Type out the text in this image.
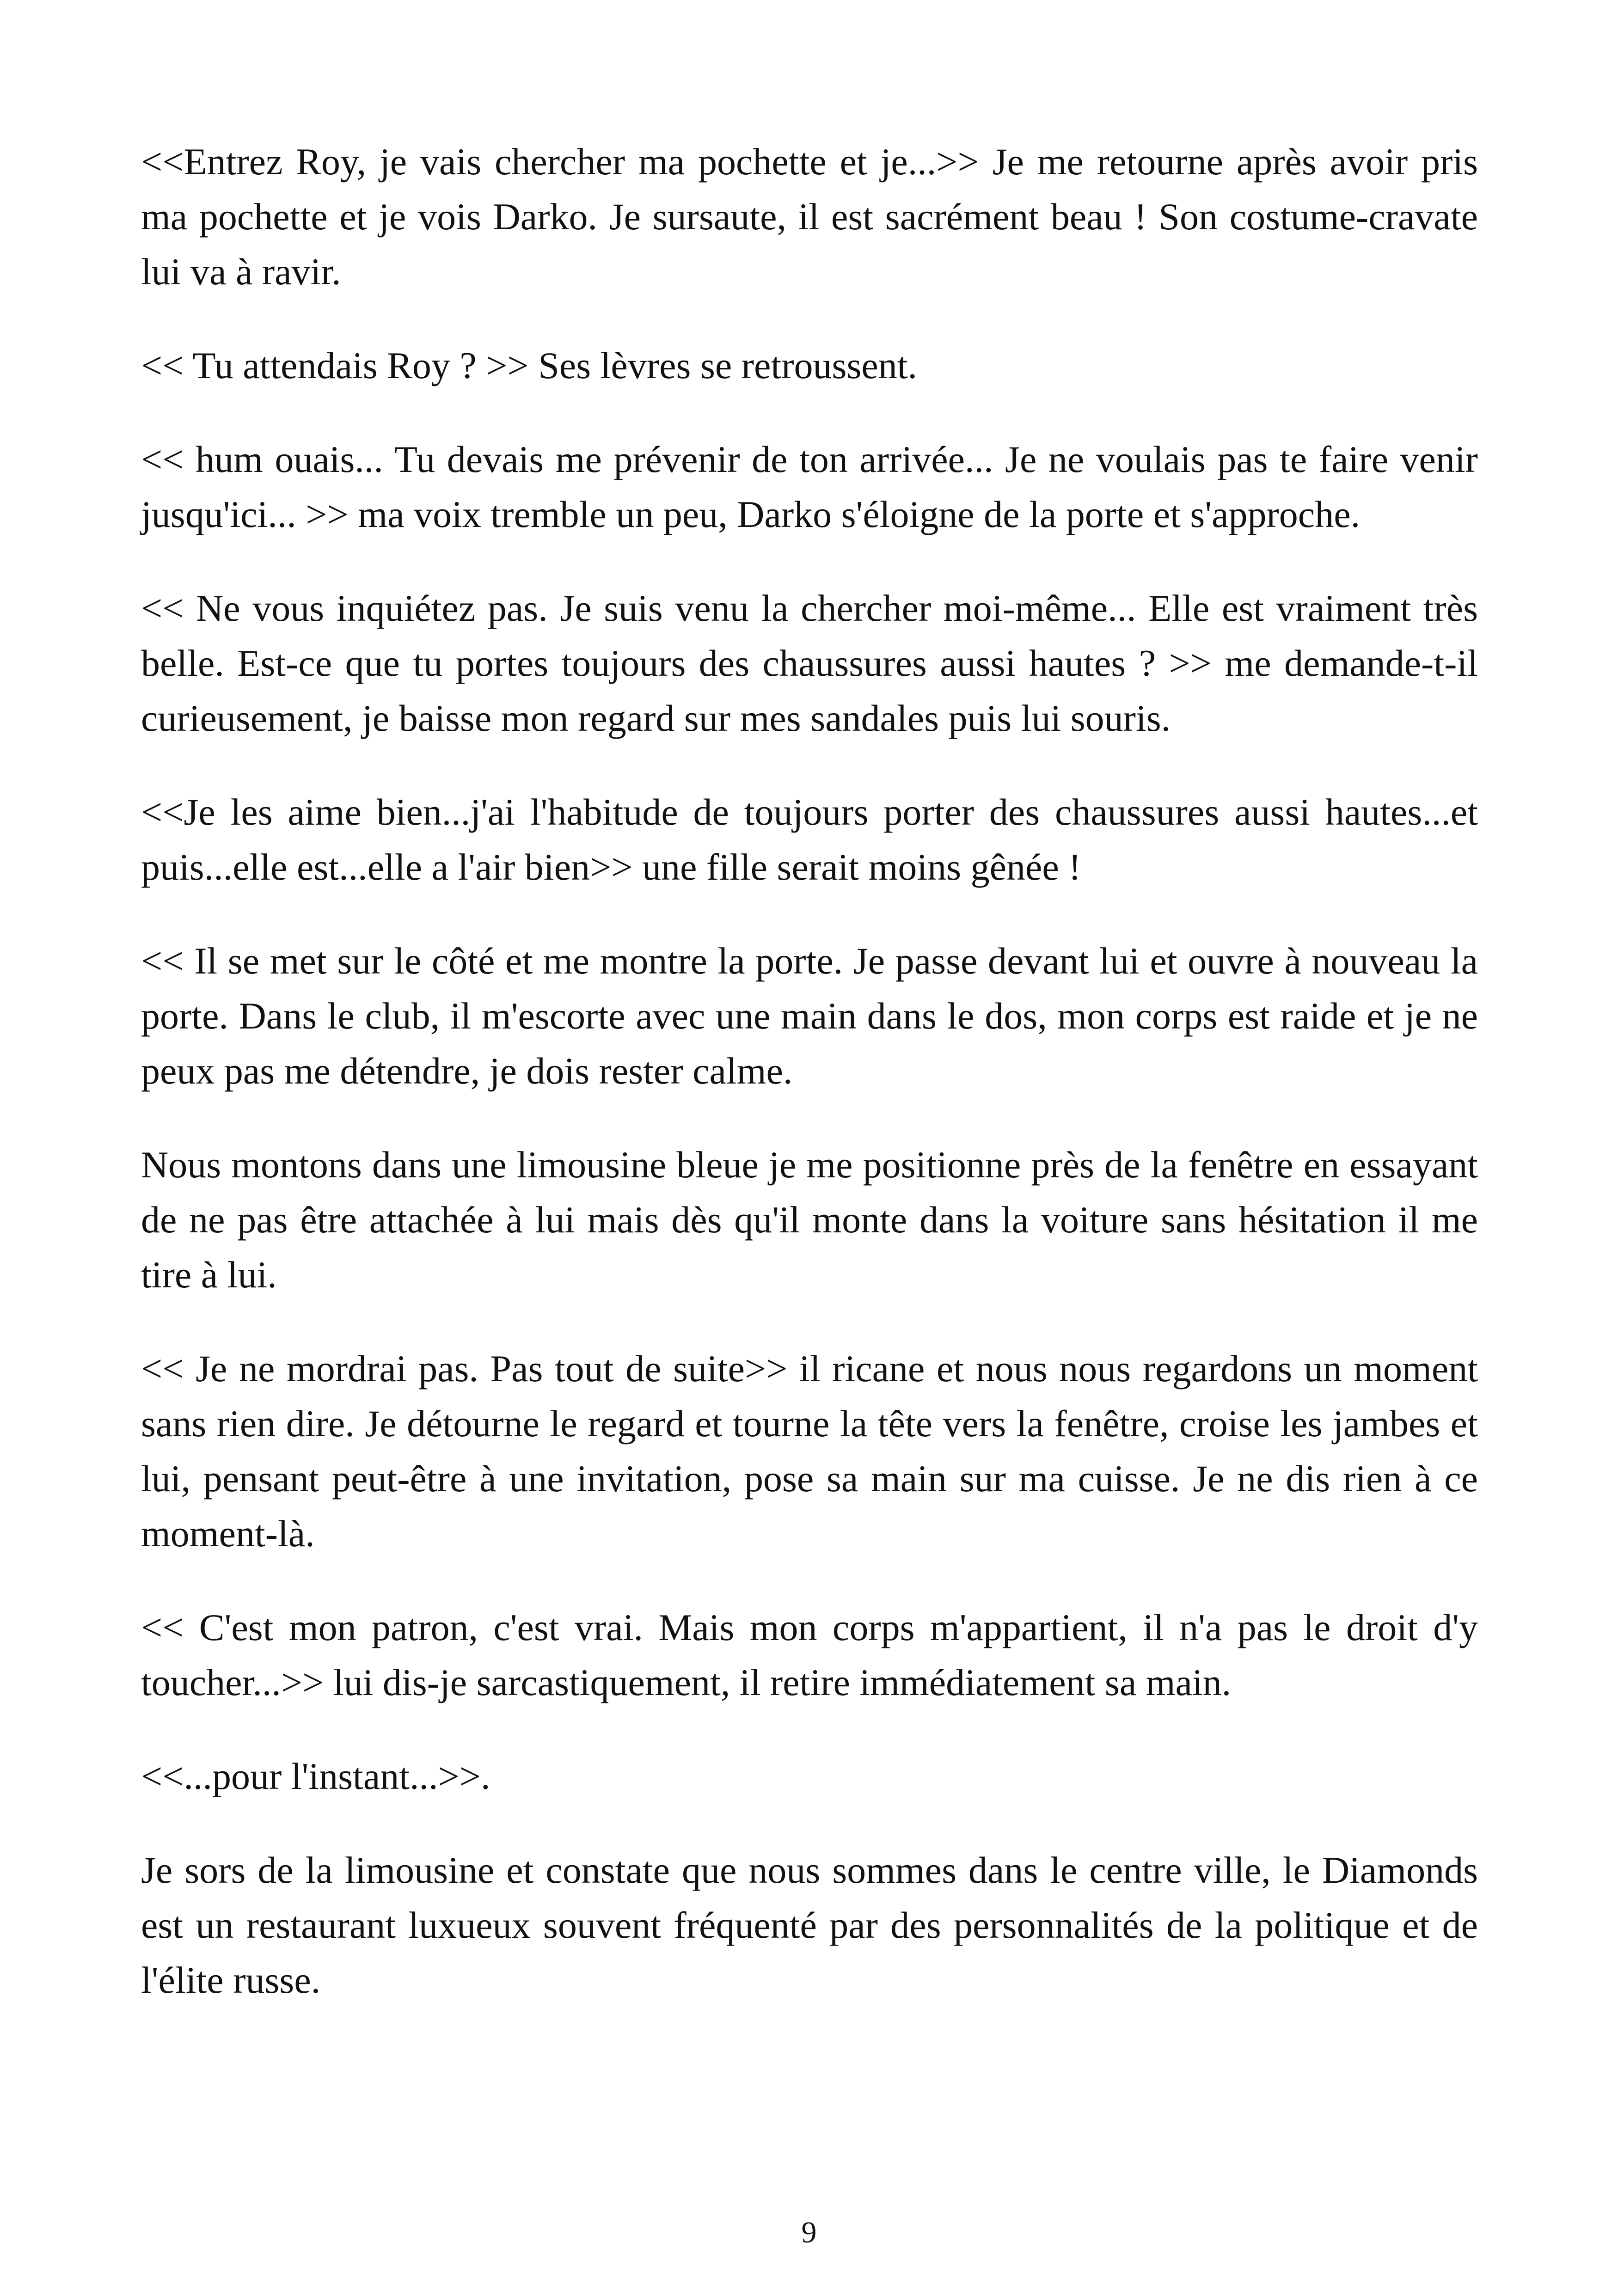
<<Entrez Roy, je vais chercher ma pochette et je...>> Je me retourne après avoir pris ma pochette et je vois Darko. Je sursaute, il est sacrément beau ! Son costume-cravate lui va à ravir.

<< Tu attendais Roy ? >> Ses lèvres se retroussent.

<< hum ouais... Tu devais me prévenir de ton arrivée... Je ne voulais pas te faire venir jusqu'ici... >> ma voix tremble un peu, Darko s'éloigne de la porte et s'approche.

<< Ne vous inquiétez pas. Je suis venu la chercher moi-même... Elle est vraiment très belle. Est-ce que tu portes toujours des chaussures aussi hautes ? >> me demande-t-il curieusement, je baisse mon regard sur mes sandales puis lui souris.

<<Je les aime bien...j'ai l'habitude de toujours porter des chaussures aussi hautes...et puis...elle est...elle a l'air bien>> une fille serait moins gênée !

<< Il se met sur le côté et me montre la porte. Je passe devant lui et ouvre à nouveau la porte. Dans le club, il m'escorte avec une main dans le dos, mon corps est raide et je ne peux pas me détendre, je dois rester calme.

Nous montons dans une limousine bleue je me positionne près de la fenêtre en essayant de ne pas être attachée à lui mais dès qu'il monte dans la voiture sans hésitation il me tire à lui.

<< Je ne mordrai pas. Pas tout de suite>> il ricane et nous nous regardons un moment sans rien dire. Je détourne le regard et tourne la tête vers la fenêtre, croise les jambes et lui, pensant peut-être à une invitation, pose sa main sur ma cuisse. Je ne dis rien à ce moment-là.

<< C'est mon patron, c'est vrai. Mais mon corps m'appartient, il n'a pas le droit d'y toucher...>> lui dis-je sarcastiquement, il retire immédiatement sa main.

<<...pour l'instant...>>.

Je sors de la limousine et constate que nous sommes dans le centre ville, le Diamonds est un restaurant luxueux souvent fréquenté par des personnalités de la politique et de l'élite russe.

9
